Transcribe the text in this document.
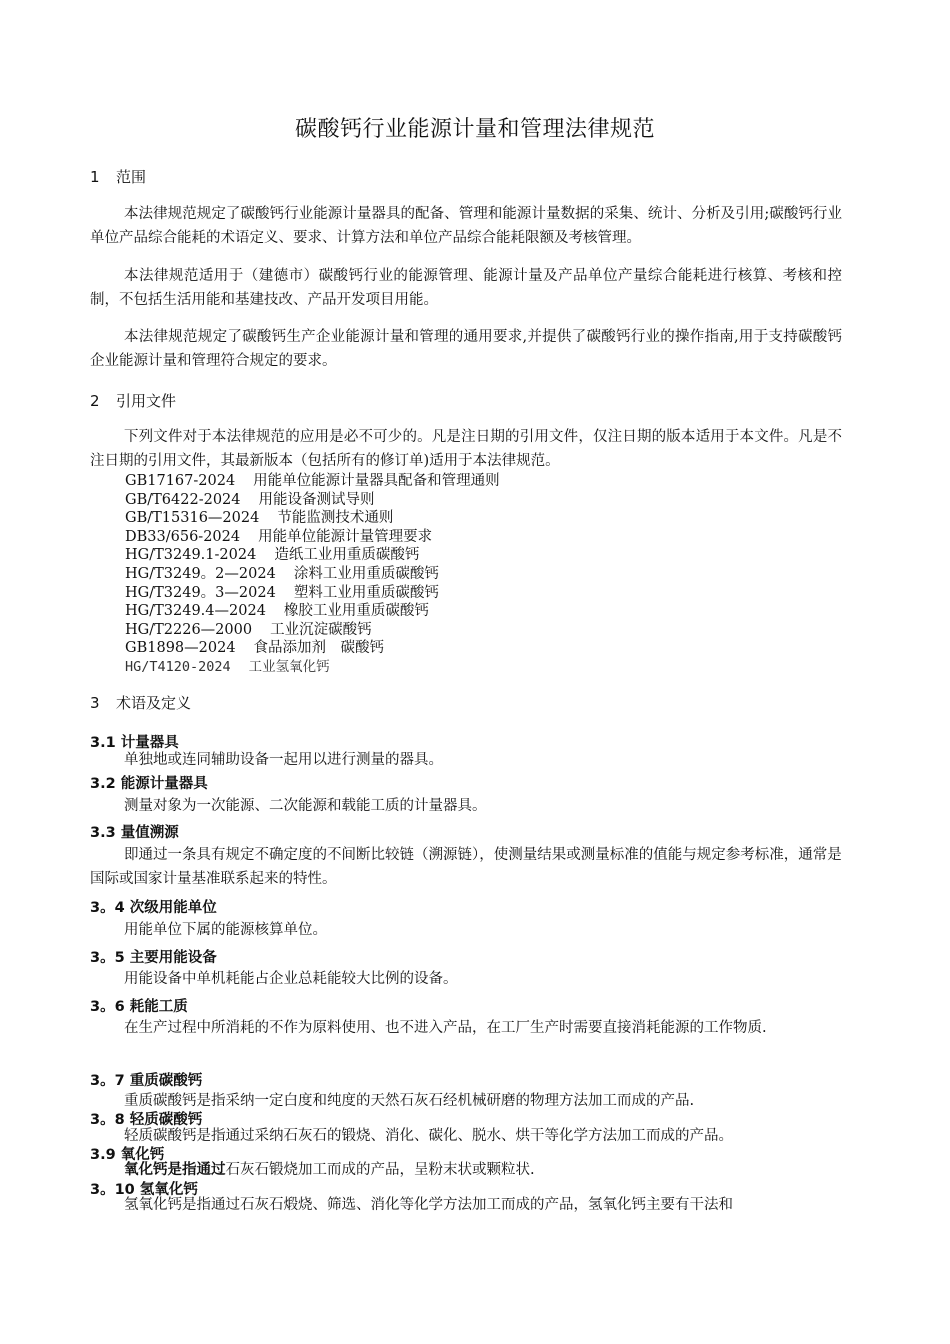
碳酸钙行业能源计量和管理法律规范
1 范围
本法律规范规定了碳酸钙行业能源计量器具的配备、管理和能源计量数据的采集、统计、分析及引用;碳酸钙行业单位产品综合能耗的术语定义、要求、计算方法和单位产品综合能耗限额及考核管理。
本法律规范适用于（建德市）碳酸钙行业的能源管理、能源计量及产品单位产量综合能耗进行核算、考核和控制，不包括生活用能和基建技改、产品开发项目用能。
本法律规范规定了碳酸钙生产企业能源计量和管理的通用要求,并提供了碳酸钙行业的操作指南,用于支持碳酸钙企业能源计量和管理符合规定的要求。
2 引用文件
下列文件对于本法律规范的应用是必不可少的。凡是注日期的引用文件，仅注日期的版本适用于本文件。凡是不注日期的引用文件，其最新版本（包括所有的修订单)适用于本法律规范。
GB17167-2024 用能单位能源计量器具配备和管理通则
GB/T6422-2024 用能设备测试导则
GB/T15316—2024 节能监测技术通则
DB33/656-2024 用能单位能源计量管理要求
HG/T3249.1-2024 造纸工业用重质碳酸钙
HG/T3249。2—2024 涂料工业用重质碳酸钙
HG/T3249。3—2024 塑料工业用重质碳酸钙
HG/T3249.4—2024 橡胶工业用重质碳酸钙
HG/T2226—2000 工业沉淀碳酸钙
GB1898—2024 食品添加剂　碳酸钙
HG/T4120-2024 工业氢氧化钙
3 术语及定义
3.1 计量器具
单独地或连同辅助设备一起用以进行测量的器具。
3.2 能源计量器具
测量对象为一次能源、二次能源和载能工质的计量器具。
3.3 量值溯源
即通过一条具有规定不确定度的不间断比较链（溯源链），使测量结果或测量标准的值能与规定参考标准，通常是国际或国家计量基准联系起来的特性。
3。4 次级用能单位
用能单位下属的能源核算单位。
3。5 主要用能设备
用能设备中单机耗能占企业总耗能较大比例的设备。
3。6 耗能工质
在生产过程中所消耗的不作为原料使用、也不进入产品，在工厂生产时需要直接消耗能源的工作物质.
3。7 重质碳酸钙
重质碳酸钙是指采纳一定白度和纯度的天然石灰石经机械研磨的物理方法加工而成的产品.
3。8 轻质碳酸钙
轻质碳酸钙是指通过采纳石灰石的锻烧、消化、碳化、脱水、烘干等化学方法加工而成的产品。
3.9 氧化钙
氧化钙是指通过石灰石锻烧加工而成的产品，呈粉末状或颗粒状.
3。10 氢氧化钙
氢氧化钙是指通过石灰石煅烧、筛选、消化等化学方法加工而成的产品，氢氧化钙主要有干法和
